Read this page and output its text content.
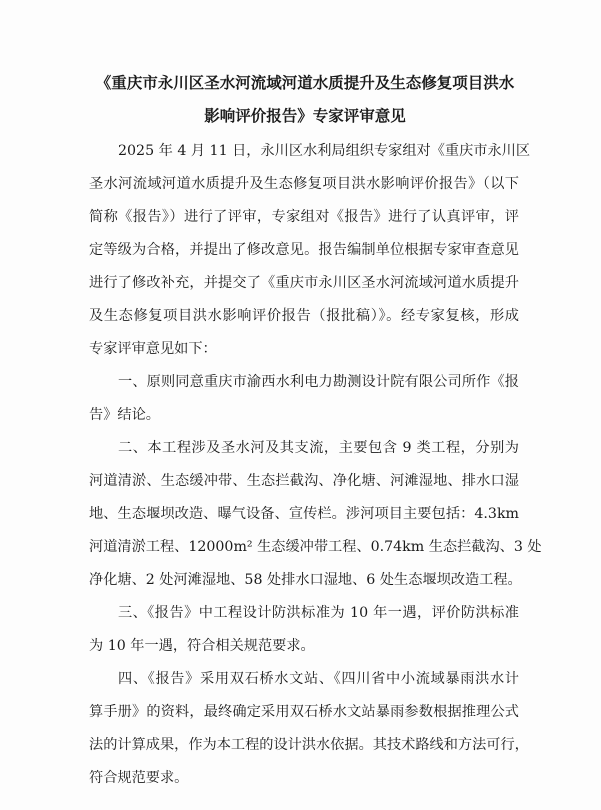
《重庆市永川区圣水河流域河道水质提升及生态修复项目洪水
影响评价报告》专家评审意见
2025 年 4 月 11 日，永川区水利局组织专家组对《重庆市永川区
圣水河流域河道水质提升及生态修复项目洪水影响评价报告》（以下
简称《报告》）进行了评审，专家组对《报告》进行了认真评审，评
定等级为合格，并提出了修改意见。报告编制单位根据专家审查意见
进行了修改补充，并提交了《重庆市永川区圣水河流域河道水质提升
及生态修复项目洪水影响评价报告（报批稿）》。经专家复核，形成
专家评审意见如下：
一、原则同意重庆市渝西水利电力勘测设计院有限公司所作《报
告》结论。
二、本工程涉及圣水河及其支流，主要包含 9 类工程，分别为
河道清淤、生态缓冲带、生态拦截沟、净化塘、河滩湿地、排水口湿
地、生态堰坝改造、曝气设备、宣传栏。涉河项目主要包括：4.3km
河道清淤工程、12000m² 生态缓冲带工程、0.74km 生态拦截沟、3 处
净化塘、2 处河滩湿地、58 处排水口湿地、6 处生态堰坝改造工程。
三、《报告》中工程设计防洪标准为 10 年一遇，评价防洪标准
为 10 年一遇，符合相关规范要求。
四、《报告》采用双石桥水文站、《四川省中小流域暴雨洪水计
算手册》的资料，最终确定采用双石桥水文站暴雨参数根据推理公式
法的计算成果，作为本工程的设计洪水依据。其技术路线和方法可行，
符合规范要求。
